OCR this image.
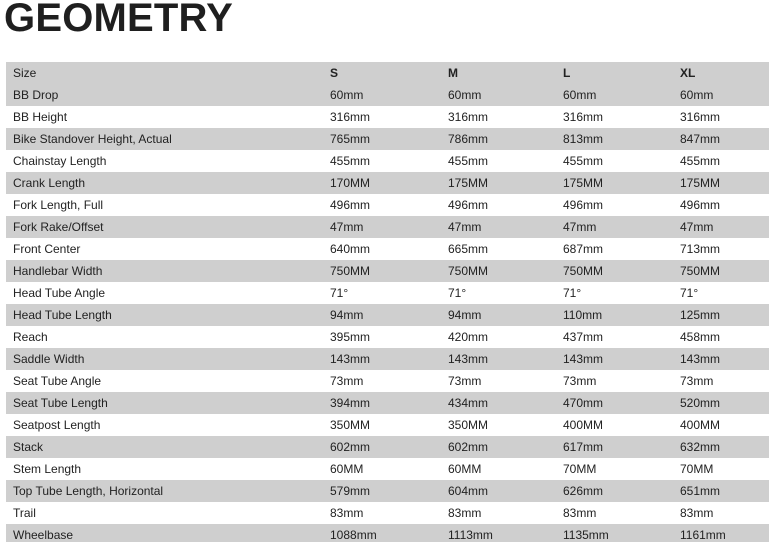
GEOMETRY
Size	S	M	L	XL
BB Drop	60mm	60mm	60mm	60mm
BB Height	316mm	316mm	316mm	316mm
Bike Standover Height, Actual	765mm	786mm	813mm	847mm
Chainstay Length	455mm	455mm	455mm	455mm
Crank Length	170MM	175MM	175MM	175MM
Fork Length, Full	496mm	496mm	496mm	496mm
Fork Rake/Offset	47mm	47mm	47mm	47mm
Front Center	640mm	665mm	687mm	713mm
Handlebar Width	750MM	750MM	750MM	750MM
Head Tube Angle	71°	71°	71°	71°
Head Tube Length	94mm	94mm	110mm	125mm
Reach	395mm	420mm	437mm	458mm
Saddle Width	143mm	143mm	143mm	143mm
Seat Tube Angle	73mm	73mm	73mm	73mm
Seat Tube Length	394mm	434mm	470mm	520mm
Seatpost Length	350MM	350MM	400MM	400MM
Stack	602mm	602mm	617mm	632mm
Stem Length	60MM	60MM	70MM	70MM
Top Tube Length, Horizontal	579mm	604mm	626mm	651mm
Trail	83mm	83mm	83mm	83mm
Wheelbase	1088mm	1113mm	1135mm	1161mm
